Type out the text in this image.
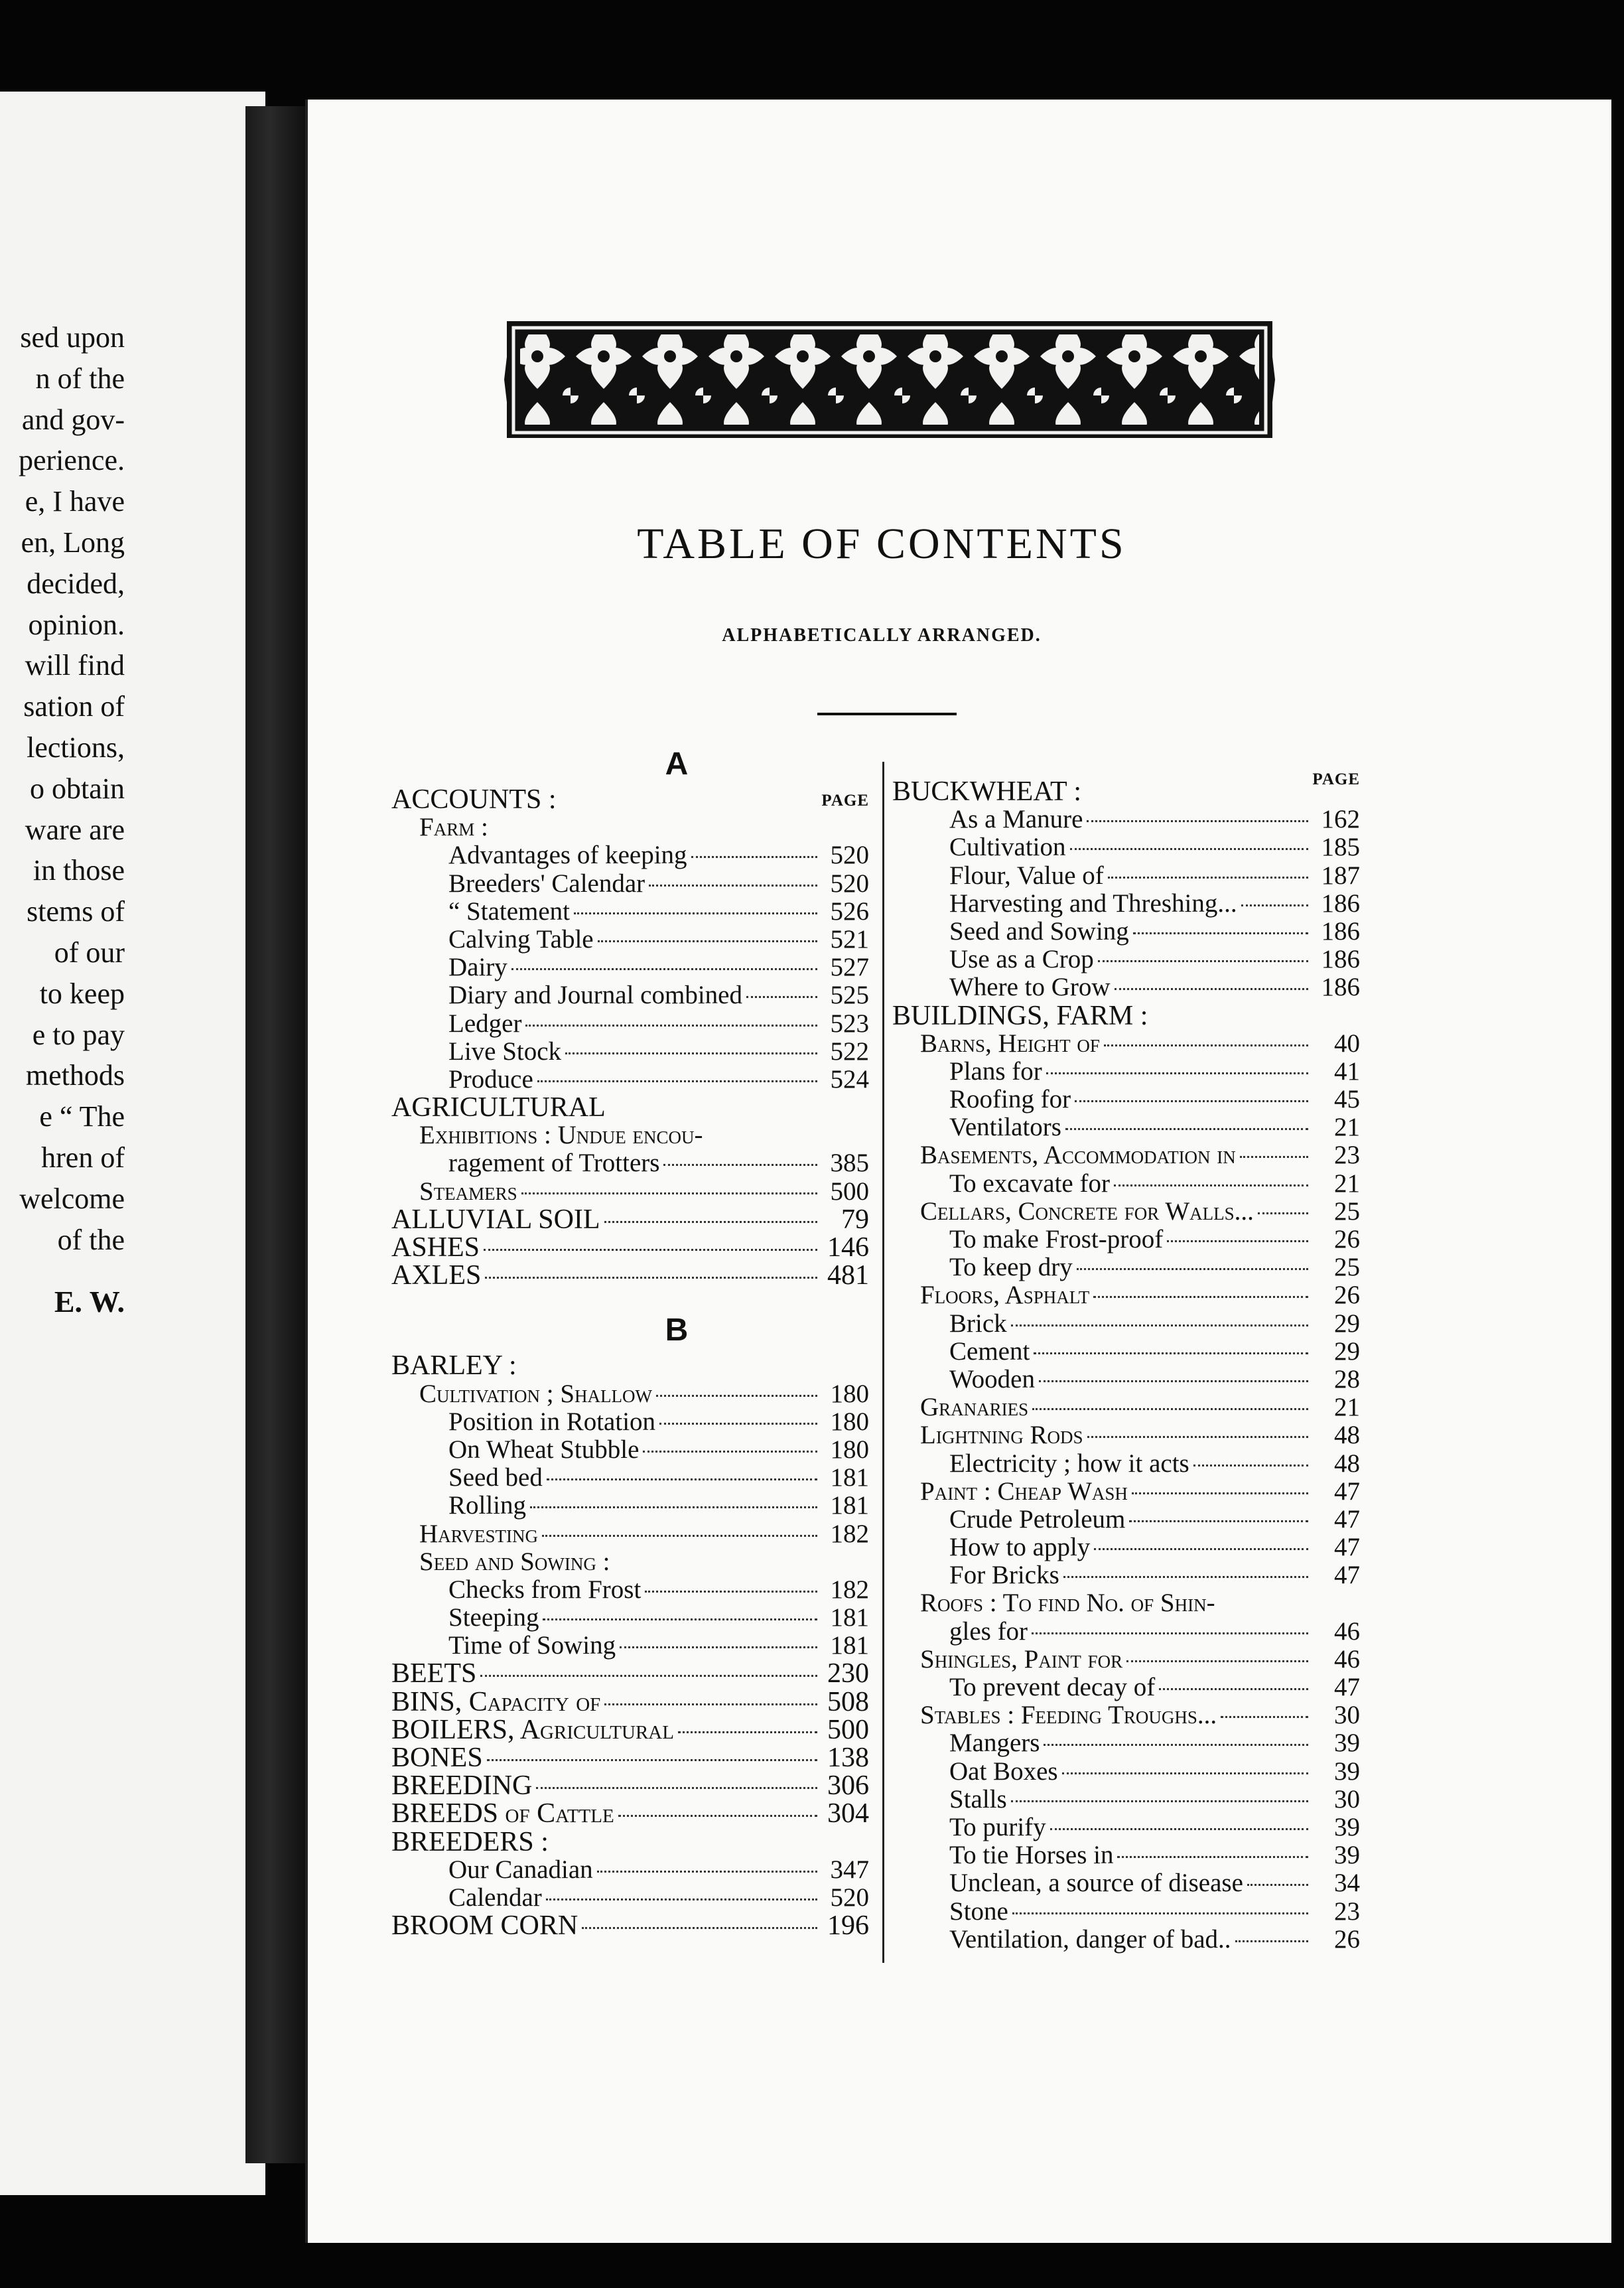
sed upon
n of the
and gov-
perience.
e, I have
en, Long
decided,
opinion.
will find
sation of
lections,
o obtain
ware are
in those
stems of
of our
to keep
e to pay
methods
e “ The
hren of
welcome
of the
E. W.
TABLE OF CONTENTS
ALPHABETICALLY ARRANGED.
A
PAGE
ACCOUNTS :
Farm :
Advantages of keeping	520
Breeders' Calendar	520
“ Statement	526
Calving Table	521
Dairy	527
Diary and Journal combined	525
Ledger	523
Live Stock	522
Produce	524
AGRICULTURAL
Exhibitions : Undue encou-
ragement of Trotters	385
Steamers	500
ALLUVIAL SOIL	79
ASHES	146
AXLES	481
B
BARLEY :
Cultivation ; Shallow	180
Position in Rotation	180
On Wheat Stubble	180
Seed bed	181
Rolling	181
Harvesting	182
Seed and Sowing :
Checks from Frost	182
Steeping	181
Time of Sowing	181
BEETS	230
BINS, Capacity of	508
BOILERS, Agricultural	500
BONES	138
BREEDING	306
BREEDS of Cattle	304
BREEDERS :
Our Canadian	347
Calendar	520
BROOM CORN	196
PAGE
BUCKWHEAT :
As a Manure	162
Cultivation	185
Flour, Value of	187
Harvesting and Threshing...	186
Seed and Sowing	186
Use as a Crop	186
Where to Grow	186
BUILDINGS, FARM :
Barns, Height of	40
Plans for	41
Roofing for	45
Ventilators	21
Basements, Accommodation in	23
To excavate for	21
Cellars, Concrete for Walls...	25
To make Frost-proof	26
To keep dry	25
Floors, Asphalt	26
Brick	29
Cement	29
Wooden	28
Granaries	21
Lightning Rods	48
Electricity ; how it acts	48
Paint : Cheap Wash	47
Crude Petroleum	47
How to apply	47
For Bricks	47
Roofs : To find No. of Shin-
gles for	46
Shingles, Paint for	46
To prevent decay of	47
Stables : Feeding Troughs...	30
Mangers	39
Oat Boxes	39
Stalls	30
To purify	39
To tie Horses in	39
Unclean, a source of disease	34
Stone	23
Ventilation, danger of bad..	26
